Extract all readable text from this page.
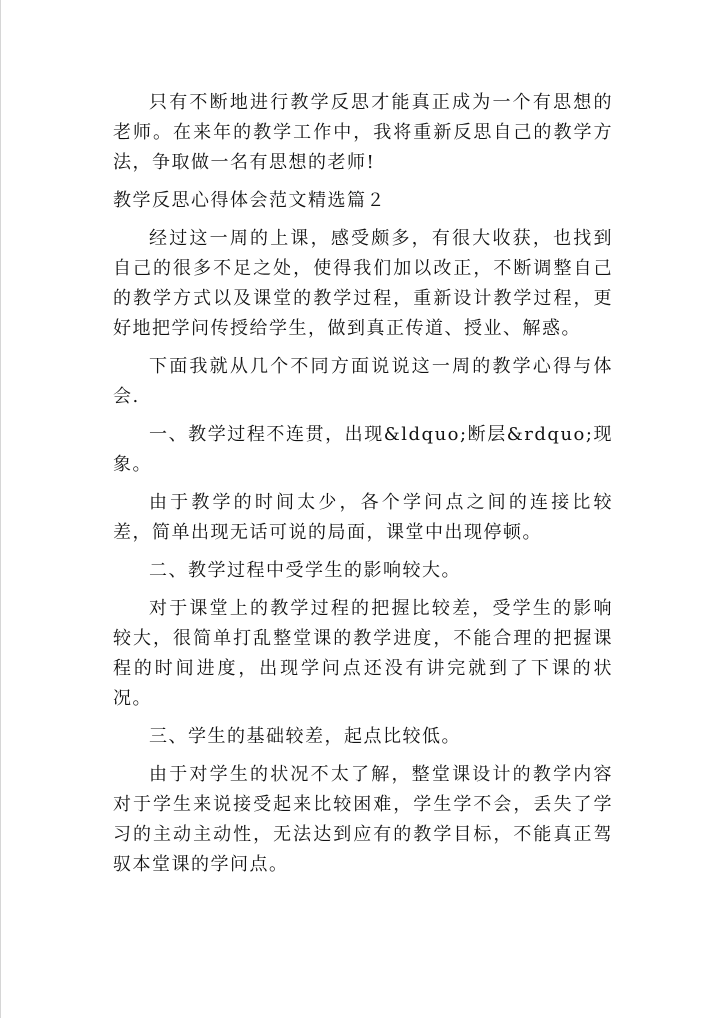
只有不断地进行教学反思才能真正成为一个有思想的老师。在来年的教学工作中，我将重新反思自己的教学方法，争取做一名有思想的老师!

教学反思心得体会范文精选篇２

经过这一周的上课，感受颇多，有很大收获，也找到自己的很多不足之处，使得我们加以改正，不断调整自己的教学方式以及课堂的教学过程，重新设计教学过程，更好地把学问传授给学生，做到真正传道、授业、解惑。

下面我就从几个不同方面说说这一周的教学心得与体会.

一、教学过程不连贯，出现&ldquo;断层&rdquo;现象。

由于教学的时间太少，各个学问点之间的连接比较差，简单出现无话可说的局面，课堂中出现停顿。

二、教学过程中受学生的影响较大。

对于课堂上的教学过程的把握比较差，受学生的影响较大，很简单打乱整堂课的教学进度，不能合理的把握课程的时间进度，出现学问点还没有讲完就到了下课的状况。

三、学生的基础较差，起点比较低。

由于对学生的状况不太了解，整堂课设计的教学内容对于学生来说接受起来比较困难，学生学不会，丢失了学习的主动主动性，无法达到应有的教学目标，不能真正驾驭本堂课的学问点。
